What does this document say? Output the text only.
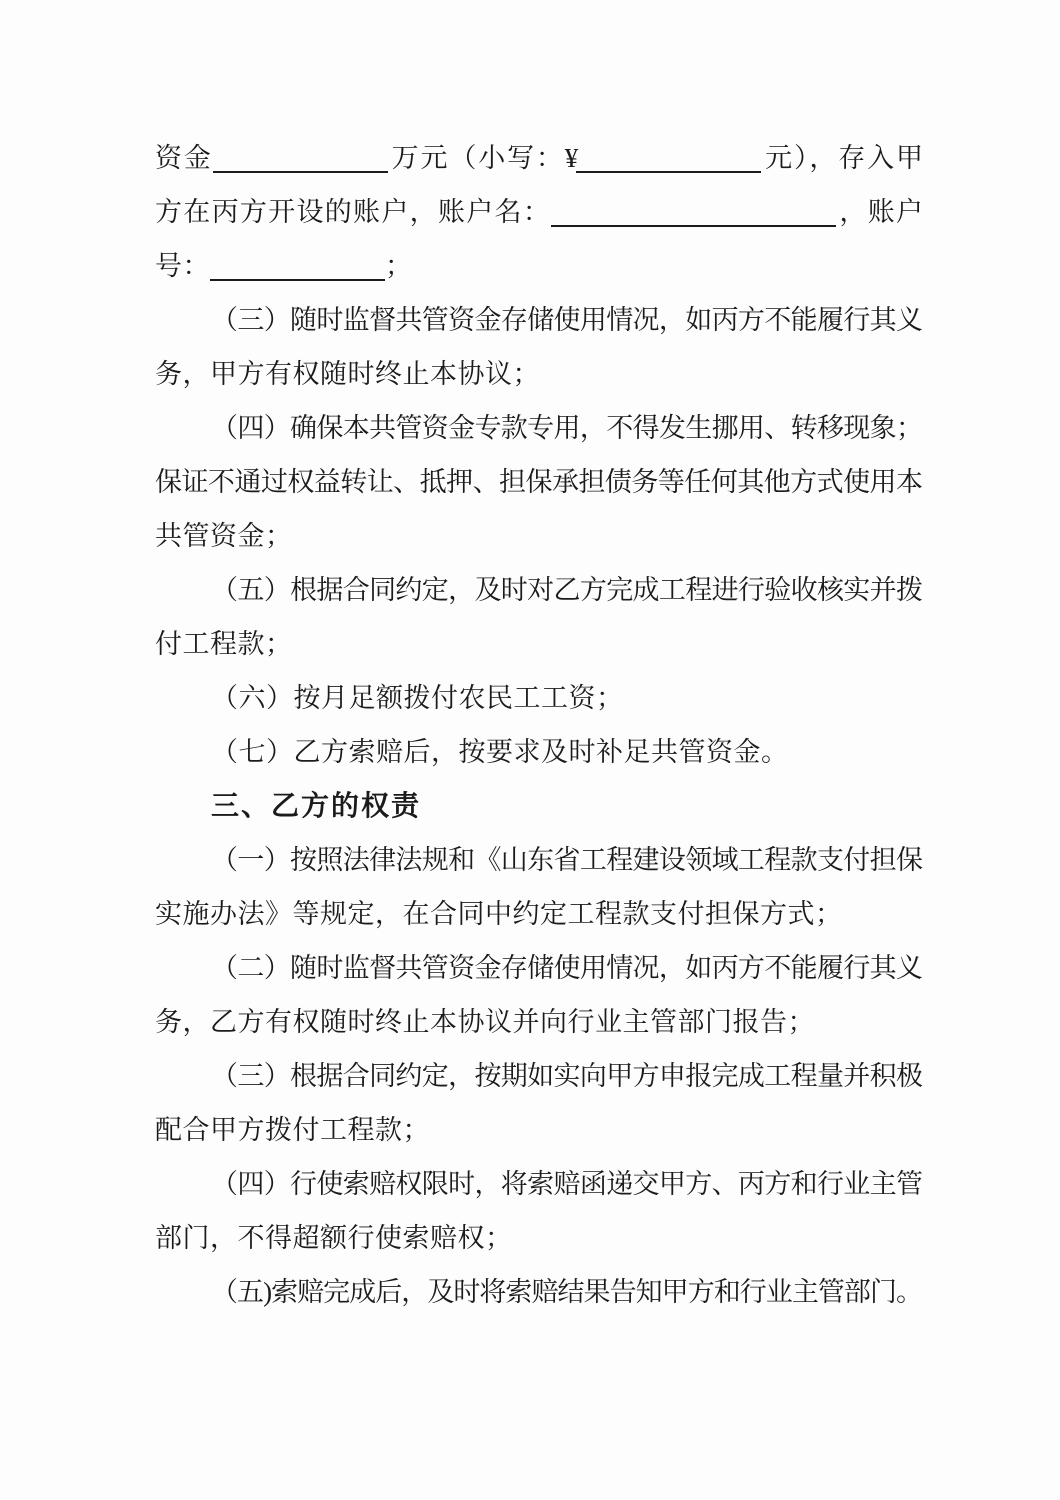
资金	万元（小写：¥	元），存入甲
方在丙方开设的账户，账户名：	，账户
号：	；
（三）随时监督共管资金存储使用情况，如丙方不能履行其义
务，甲方有权随时终止本协议；
（四）确保本共管资金专款专用，不得发生挪用、转移现象；
保证不通过权益转让、抵押、担保承担债务等任何其他方式使用本
共管资金；
（五）根据合同约定，及时对乙方完成工程进行验收核实并拨
付工程款；
（六）按月足额拨付农民工工资；
（七）乙方索赔后，按要求及时补足共管资金。
三、乙方的权责
（一）按照法律法规和《山东省工程建设领域工程款支付担保
实施办法》等规定，在合同中约定工程款支付担保方式；
（二）随时监督共管资金存储使用情况，如丙方不能履行其义
务，乙方有权随时终止本协议并向行业主管部门报告；
（三）根据合同约定，按期如实向甲方申报完成工程量并积极
配合甲方拨付工程款；
（四）行使索赔权限时，将索赔函递交甲方、丙方和行业主管
部门，不得超额行使索赔权；
（五)索赔完成后，及时将索赔结果告知甲方和行业主管部门。
